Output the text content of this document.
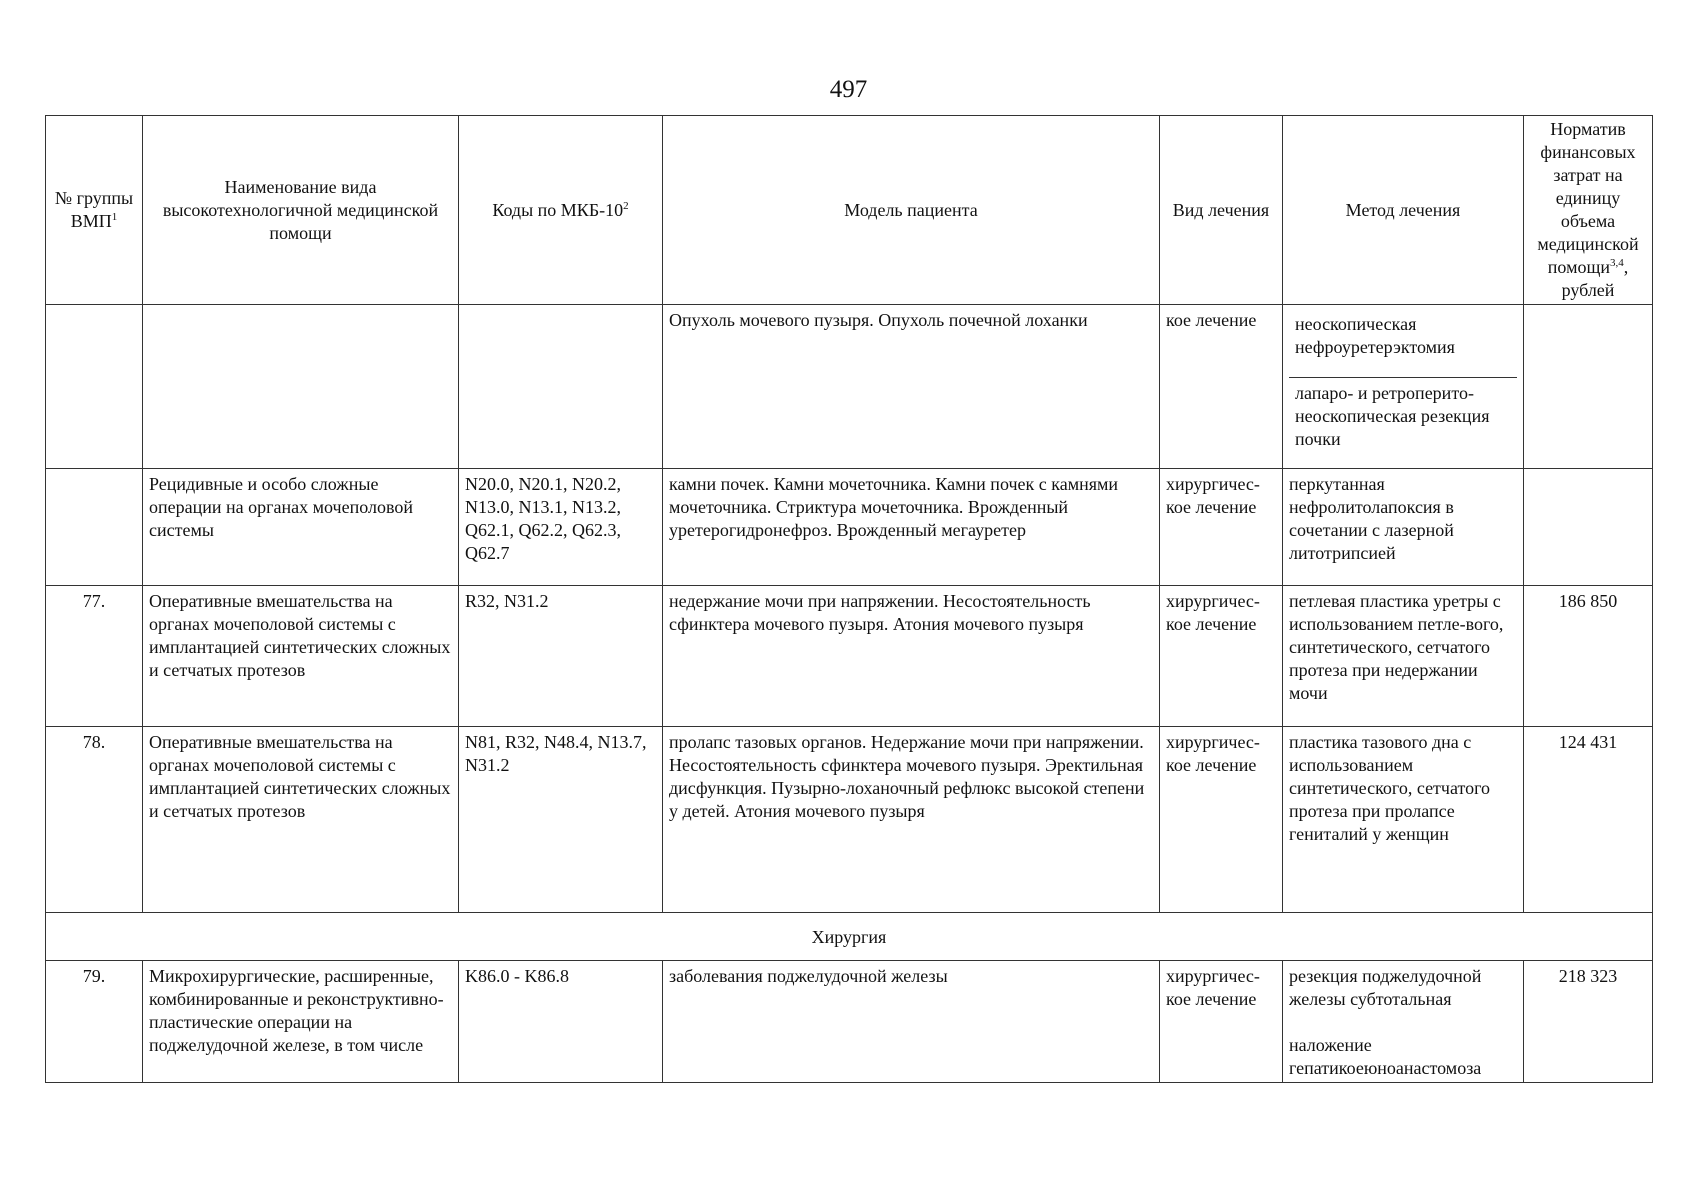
497
№ группы ВМП$^1$	Наименование вида высокотехнологичной медицинской помощи	Коды по МКБ-$10^2$	Модель пациента	Вид лечения	Метод лечения	Норматив финансовых затрат на единицу объема медицинской помощи$^{3,4}$, рублей
			Опухоль мочевого пузыря. Опухоль почечной лоханки	кое лечение	неоскопическая нефроуретерэктомия
лапаро- и ретроперито-неоскопическая резекция почки	

	Рецидивные и особо сложные операции на органах мочеполовой системы	N20.0, N20.1, N20.2, N13.0, N13.1, N13.2, Q62.1, Q62.2, Q62.3, Q62.7	камни почек. Камни мочеточника. Камни почек с камнями мочеточника. Стриктура мочеточника. Врожденный уретерогидронефроз. Врожденный мегауретер	хирургичес-кое лечение	перкутанная нефролитолапоксия в сочетании с лазерной литотрипсией	
77.	Оперативные вмешательства на органах мочеполовой системы с имплантацией синтетических сложных и сетчатых протезов	R32, N31.2	недержание мочи при напряжении. Несостоятельность сфинктера мочевого пузыря. Атония мочевого пузыря	хирургичес-кое лечение	петлевая пластика уретры с использованием петле-вого, синтетического, сетчатого протеза при недержании мочи	186 850
78.	Оперативные вмешательства на органах мочеполовой системы с имплантацией синтетических сложных и сетчатых протезов	N81, R32, N48.4, N13.7, N31.2	пролапс тазовых органов. Недержание мочи при напряжении. Несостоятельность сфинктера мочевого пузыря. Эректильная дисфункция. Пузырно-лоханочный рефлюкс высокой степени у детей. Атония мочевого пузыря	хирургичес-кое лечение	пластика тазового дна с использованием синтетического, сетчатого протеза при пролапсе гениталий у женщин	124 431
Хирургия						
79.	Микрохирургические, расширенные, комбинированные и реконструктивно-пластические операции на поджелудочной железе, в том числе	K86.0 - K86.8	заболевания поджелудочной железы	хирургичес-кое лечение	резекция поджелудочной железы субтотальная
наложение гепатикоеюноанастомоза	218 323
